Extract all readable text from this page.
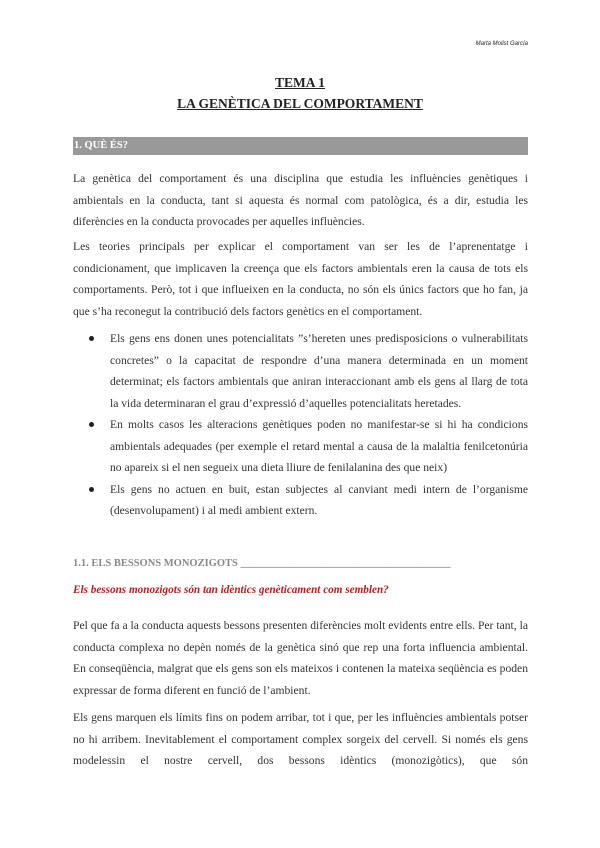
Marta Molist García
TEMA 1
LA GENÈTICA DEL COMPORTAMENT
1. QUÈ ÉS?

La genètica del comportament és una disciplina que estudia les influències genètiques i ambientals en la conducta, tant si aquesta és normal com patològica, és a dir, estudia les diferències en la conducta provocades per aquelles influències.

Les teories principals per explicar el comportament van ser les de l’aprenentatge i condicionament, que implicaven la creença que els factors ambientals eren la causa de tots els comportaments. Però, tot i que influeixen en la conducta, no són els únics factors que ho fan, ja que s’ha reconegut la contribució dels factors genètics en el comportament.

Els gens ens donen unes potencialitats ”s’hereten unes predisposicions o vulnerabilitats concretes” o la capacitat de respondre d’una manera determinada en un moment determinat; els factors ambientals que aniran interaccionant amb els gens al llarg de tota la vida determinaran el grau d’expressió d’aquelles potencialitats heretades.
En molts casos les alteracions genètiques poden no manifestar-se si hi ha condicions ambientals adequades (per exemple el retard mental a causa de la malaltia fenilcetonúria no apareix si el nen segueix una dieta lliure de fenilalanina des que neix)
Els gens no actuen en buit, estan subjectes al canviant medi intern de l’organisme (desenvolupament) i al medi ambient extern.
1.1. ELS BESSONS MONOZIGOTS ________________________________________
Els bessons monozigots són tan idèntics genèticament com semblen?

Pel que fa a la conducta aquests bessons presenten diferències molt evidents entre ells. Per tant, la conducta complexa no depèn només de la genètica sinó que rep una forta influencia ambiental. En conseqüència, malgrat que els gens son els mateixos i contenen la mateixa seqüència es poden expressar de forma diferent en funció de l’ambient.

Els gens marquen els límits fins on podem arribar, tot i que, per les influències ambientals potser no hi arribem. Inevitablement el comportament complex sorgeix del cervell. Si només els gens modelessin el nostre cervell, dos bessons idèntics (monozigòtics), que són
